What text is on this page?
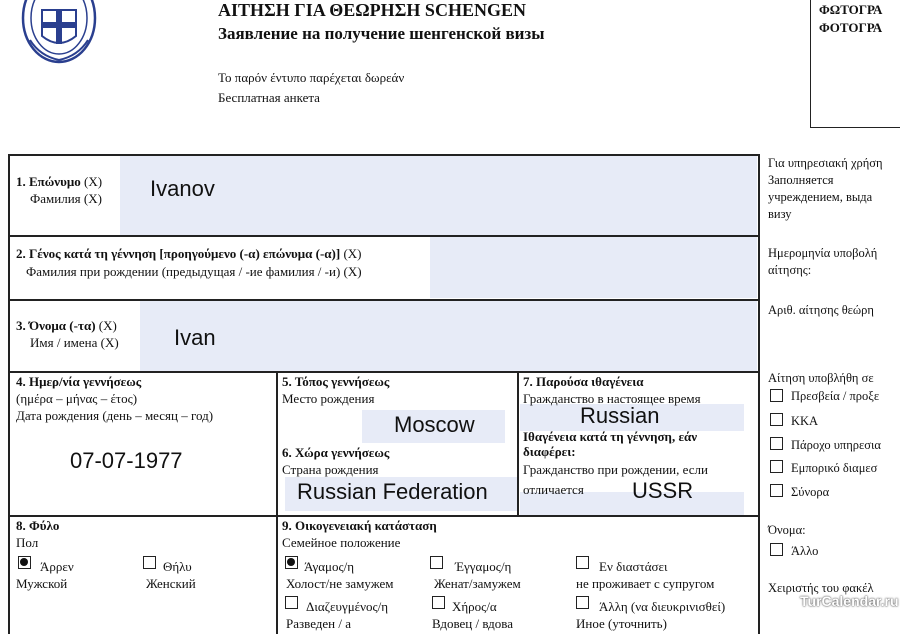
ΑΙΤΗΣΗ ΓΙΑ ΘΕΩΡΗΣΗ SCHENGEN
Заявление на получение шенгенской визы
Το παρόν έντυπο παρέχεται δωρεάν
Бесплатная анкета
ΦΩΤΟΓΡΑ
ΦΟΤΟΓΡΑ
1. Επώνυμο (X)
Фамилия (X) Ivanov
2. Γένος κατά τη γέννηση [προηγούμενο (-α) επώνυμα (-α)] (X)
Фамилия при рождении (предыдущая / -ие фамилия / -и) (X)
3. Όνομα (-τα) (X)
Имя / имена (X)	Ivan
4. Ημερ/νία γεννήσεως
(ημέρα – μήνας – έτος)
Дата рождения (день – месяц – год)
07-07-1977
5. Τόπος γεννήσεως
Место рождения
Moscow
6. Χώρα γεννήσεως
Страна рождения
Russian Federation
7. Παρούσα ιθαγένεια
Гражданство в настоящее время
Russian
Ιθαγένεια κατά τη γέννηση, εάν
διαφέρει:
Гражданство при рождении, если
отличается USSR
8. Φύλο
Пол
Άρρεν
Мужской
Θήλυ
Женский
9. Οικογενειακή κατάσταση
Семейное положение
Άγαμος/η
Холост/не замужем
Έγγαμος/η
Женат/замужем
Εν διαστάσει
не проживает с супругом
Διαζευγμένος/η
Разведен / а
Χήρος/α
Вдовец / вдова
Άλλη (να διευκρινισθεί)
Иное (уточнить)
Για υπηρεσιακή χρήση
Заполняется
учреждением, выда
визу
Ημερομηνία υποβολή
αίτησης:
Αριθ. αίτησης θεώρη
Αίτηση υποβλήθη σε
Πρεσβεία / προξε
ΚΚΑ
Πάροχο υπηρεσια
Εμπορικό διαμεσ
Σύνορα
Όνομα:
Άλλο
Χειριστής του φακέλ
TurCalendar.ru
